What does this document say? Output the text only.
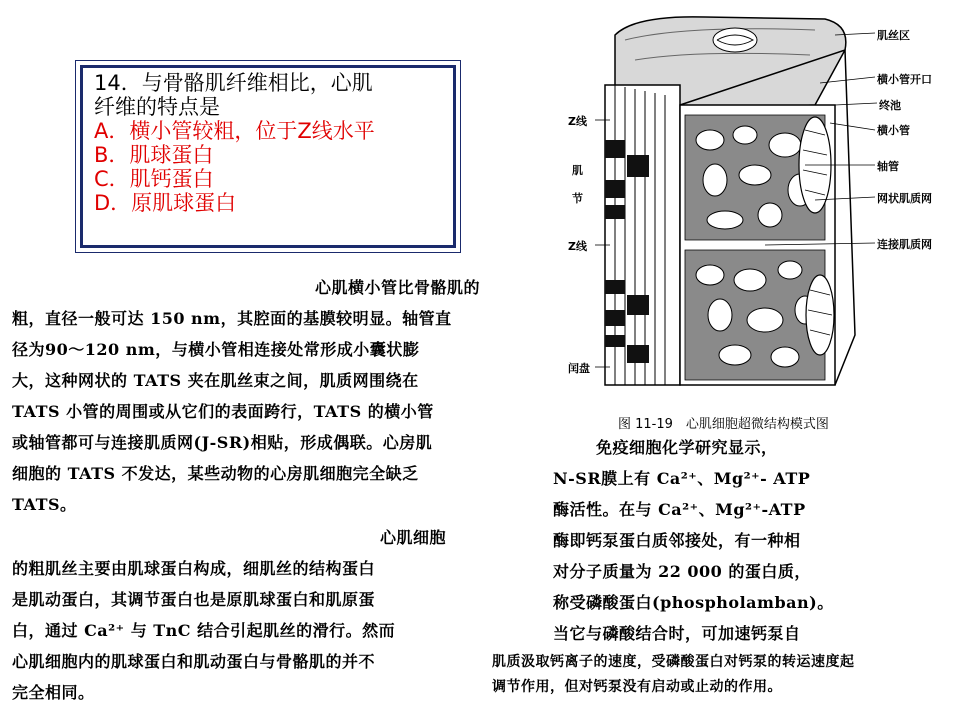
14．与骨骼肌纤维相比，心肌
纤维的特点是
A．横小管较粗，位于Z线水平
B．肌球蛋白
C．肌钙蛋白
D．原肌球蛋白
心肌横小管比骨骼肌的
粗，直径一般可达 150 nm，其腔面的基膜较明显。轴管直
径为90～120 nm，与横小管相连接处常形成小囊状膨
大，这种网状的 TATS 夹在肌丝束之间，肌质网围绕在
TATS 小管的周围或从它们的表面跨行，TATS 的横小管
或轴管都可与连接肌质网(J-SR)相贴，形成偶联。心房肌
细胞的 TATS 不发达，某些动物的心房肌细胞完全缺乏
TATS。
心肌细胞
的粗肌丝主要由肌球蛋白构成，细肌丝的结构蛋白
是肌动蛋白，其调节蛋白也是原肌球蛋白和肌原蛋
白，通过 Ca²⁺ 与 TnC 结合引起肌丝的滑行。然而
心肌细胞内的肌球蛋白和肌动蛋白与骨骼肌的并不
完全相同。
免疫细胞化学研究显示，
N-SR膜上有 Ca²⁺、Mg²⁺- ATP
酶活性。在与 Ca²⁺、Mg²⁺-ATP
酶即钙泵蛋白质邻接处，有一种相
对分子质量为 22 000 的蛋白质，
称受磷酸蛋白(phospholamban)。
当它与磷酸结合时，可加速钙泵自
肌质汲取钙离子的速度，受磷酸蛋白对钙泵的转运速度起
调节作用，但对钙泵没有启动或止动的作用。
肌丝区
横小管开口
终池
横小管
轴管
网状肌质网
连接肌质网
Z线
肌
节
Z线
闰盘
图 11-19　心肌细胞超微结构模式图
